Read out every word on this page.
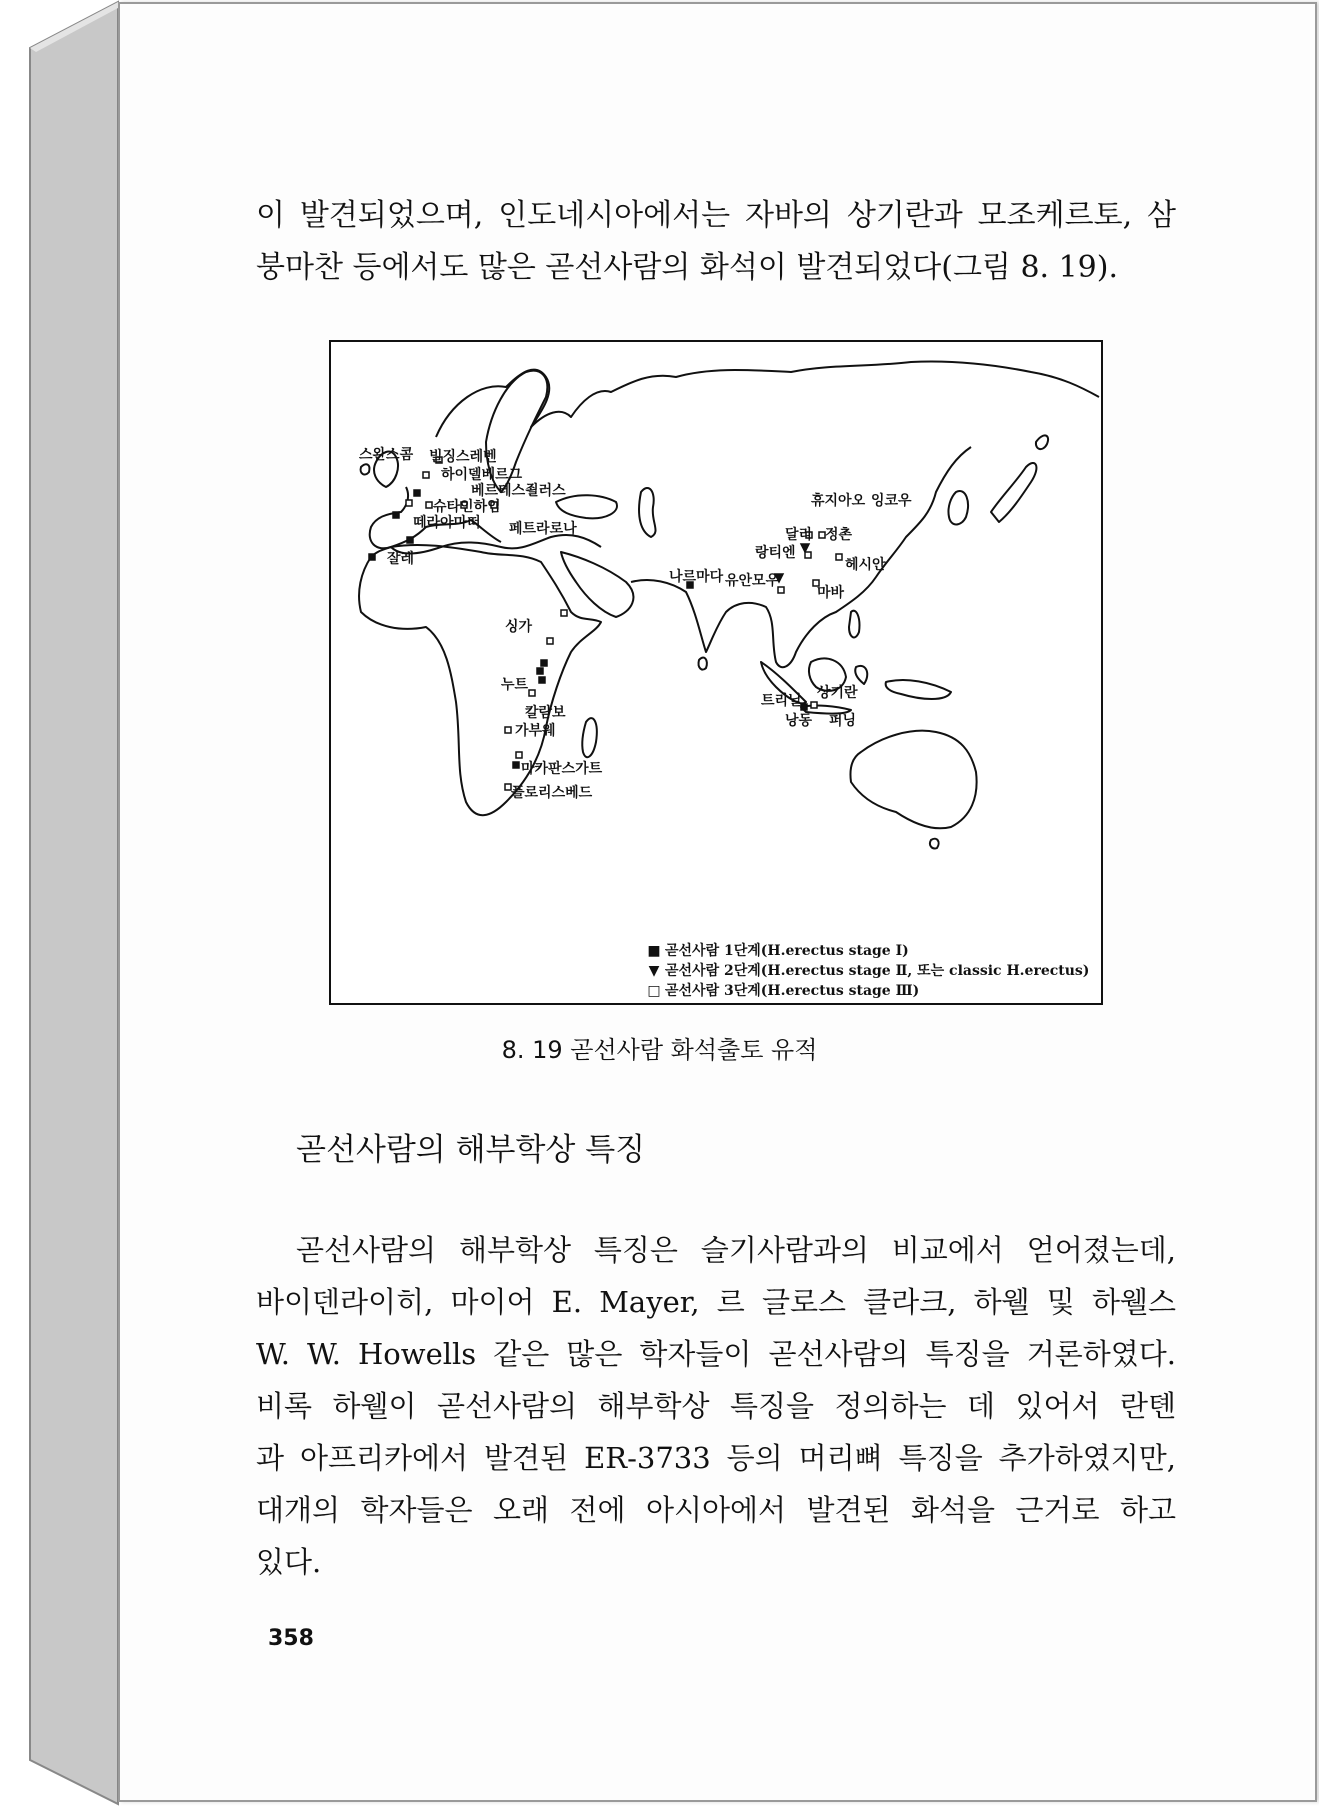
이 발견되었으며, 인도네시아에서는 자바의 상기란과 모조케르토, 삼
붕마찬 등에서도 많은 곧선사람의 화석이 발견되었다(그림 8. 19).
스완스콤 빌징스레벤
하이델베르그
베르테스죌러스
슈타인하임
떼라아마떠 페트라로나
잘레
휴지아오 잉코우
달리 정촌
랑티엔
헤시안
나르마다 유안모우
마바
싱가
누트
칼람보
가부웨
마카판스가트
플로리스베드
트리닐 상기란
낭동 퍼닝
■ 곧선사람 1단계(H.erectus stage Ⅰ)
▼ 곧선사람 2단계(H.erectus stage Ⅱ, 또는 classic H.erectus)
□ 곧선사람 3단계(H.erectus stage Ⅲ)
8. 19 곧선사람 화석출토 유적
곧선사람의 해부학상 특징
곧선사람의 해부학상 특징은 슬기사람과의 비교에서 얻어졌는데,
바이덴라이히, 마이어 E. Mayer, 르 글로스 클라크, 하웰 및 하웰스
W. W. Howells 같은 많은 학자들이 곧선사람의 특징을 거론하였다.
비록 하웰이 곧선사람의 해부학상 특징을 정의하는 데 있어서 란톈
과 아프리카에서 발견된 ER-3733 등의 머리뼈 특징을 추가하였지만,
대개의 학자들은 오래 전에 아시아에서 발견된 화석을 근거로 하고
있다.
358
